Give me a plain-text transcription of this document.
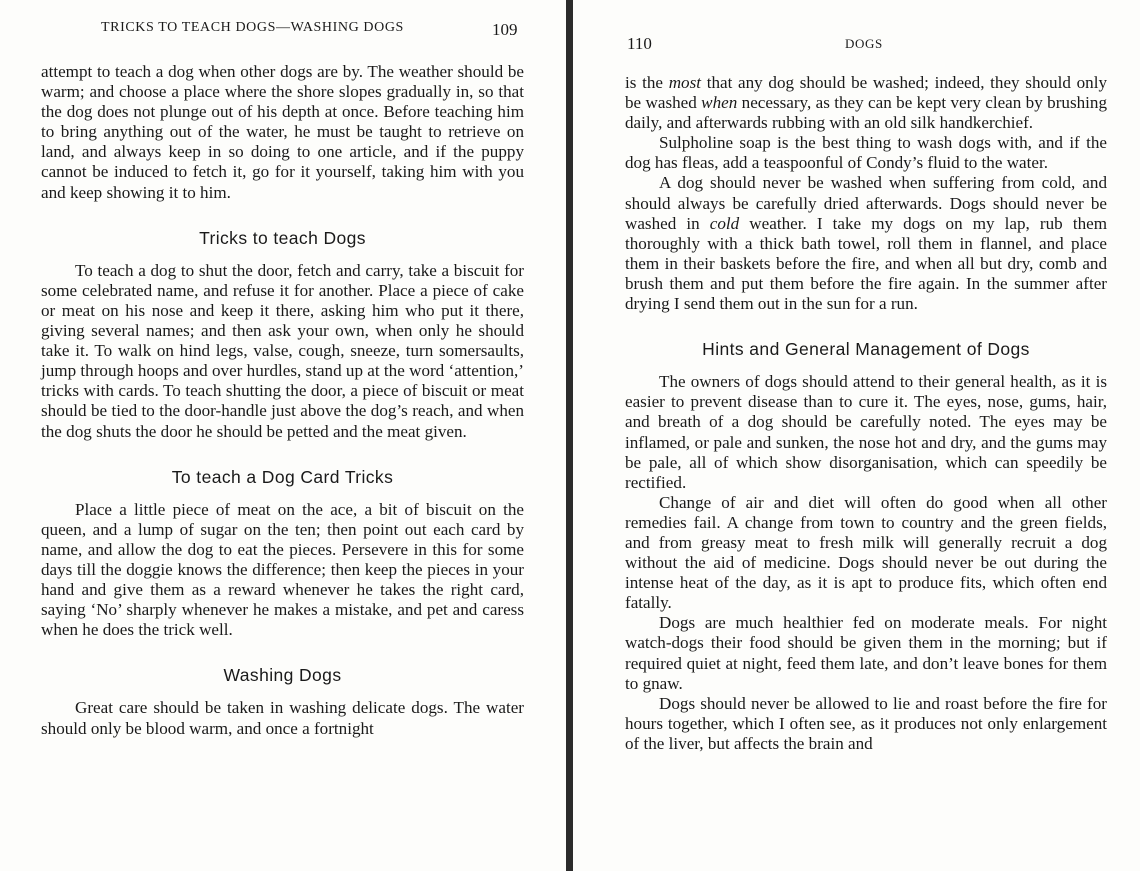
TRICKS TO TEACH DOGS—WASHING DOGS	109

attempt to teach a dog when other dogs are by. The weather should be warm; and choose a place where the shore slopes gradually in, so that the dog does not plunge out of his depth at once. Before teaching him to bring anything out of the water, he must be taught to retrieve on land, and always keep in so doing to one article, and if the puppy cannot be induced to fetch it, go for it yourself, taking him with you and keep showing it to him.

Tricks to teach Dogs

To teach a dog to shut the door, fetch and carry, take a biscuit for some celebrated name, and refuse it for another. Place a piece of cake or meat on his nose and keep it there, asking him who put it there, giving several names; and then ask your own, when only he should take it. To walk on hind legs, valse, cough, sneeze, turn somersaults, jump through hoops and over hurdles, stand up at the word ‘attention,’ tricks with cards. To teach shutting the door, a piece of biscuit or meat should be tied to the door-handle just above the dog’s reach, and when the dog shuts the door he should be petted and the meat given.

To teach a Dog Card Tricks

Place a little piece of meat on the ace, a bit of biscuit on the queen, and a lump of sugar on the ten; then point out each card by name, and allow the dog to eat the pieces. Persevere in this for some days till the doggie knows the difference; then keep the pieces in your hand and give them as a reward whenever he takes the right card, saying ‘No’ sharply whenever he makes a mistake, and pet and caress when he does the trick well.

Washing Dogs

Great care should be taken in washing delicate dogs. The water should only be blood warm, and once a fortnight

110	DOGS

is the most that any dog should be washed; indeed, they should only be washed when necessary, as they can be kept very clean by brushing daily, and afterwards rubbing with an old silk handkerchief.

Sulpholine soap is the best thing to wash dogs with, and if the dog has fleas, add a teaspoonful of Condy’s fluid to the water.

A dog should never be washed when suffering from cold, and should always be carefully dried afterwards. Dogs should never be washed in cold weather. I take my dogs on my lap, rub them thoroughly with a thick bath towel, roll them in flannel, and place them in their baskets before the fire, and when all but dry, comb and brush them and put them before the fire again. In the summer after drying I send them out in the sun for a run.

Hints and General Management of Dogs

The owners of dogs should attend to their general health, as it is easier to prevent disease than to cure it. The eyes, nose, gums, hair, and breath of a dog should be carefully noted. The eyes may be inflamed, or pale and sunken, the nose hot and dry, and the gums may be pale, all of which show disorganisation, which can speedily be rectified.

Change of air and diet will often do good when all other remedies fail. A change from town to country and the green fields, and from greasy meat to fresh milk will generally recruit a dog without the aid of medicine. Dogs should never be out during the intense heat of the day, as it is apt to produce fits, which often end fatally.

Dogs are much healthier fed on moderate meals. For night watch-dogs their food should be given them in the morning; but if required quiet at night, feed them late, and don’t leave bones for them to gnaw.

Dogs should never be allowed to lie and roast before the fire for hours together, which I often see, as it produces not only enlargement of the liver, but affects the brain and
